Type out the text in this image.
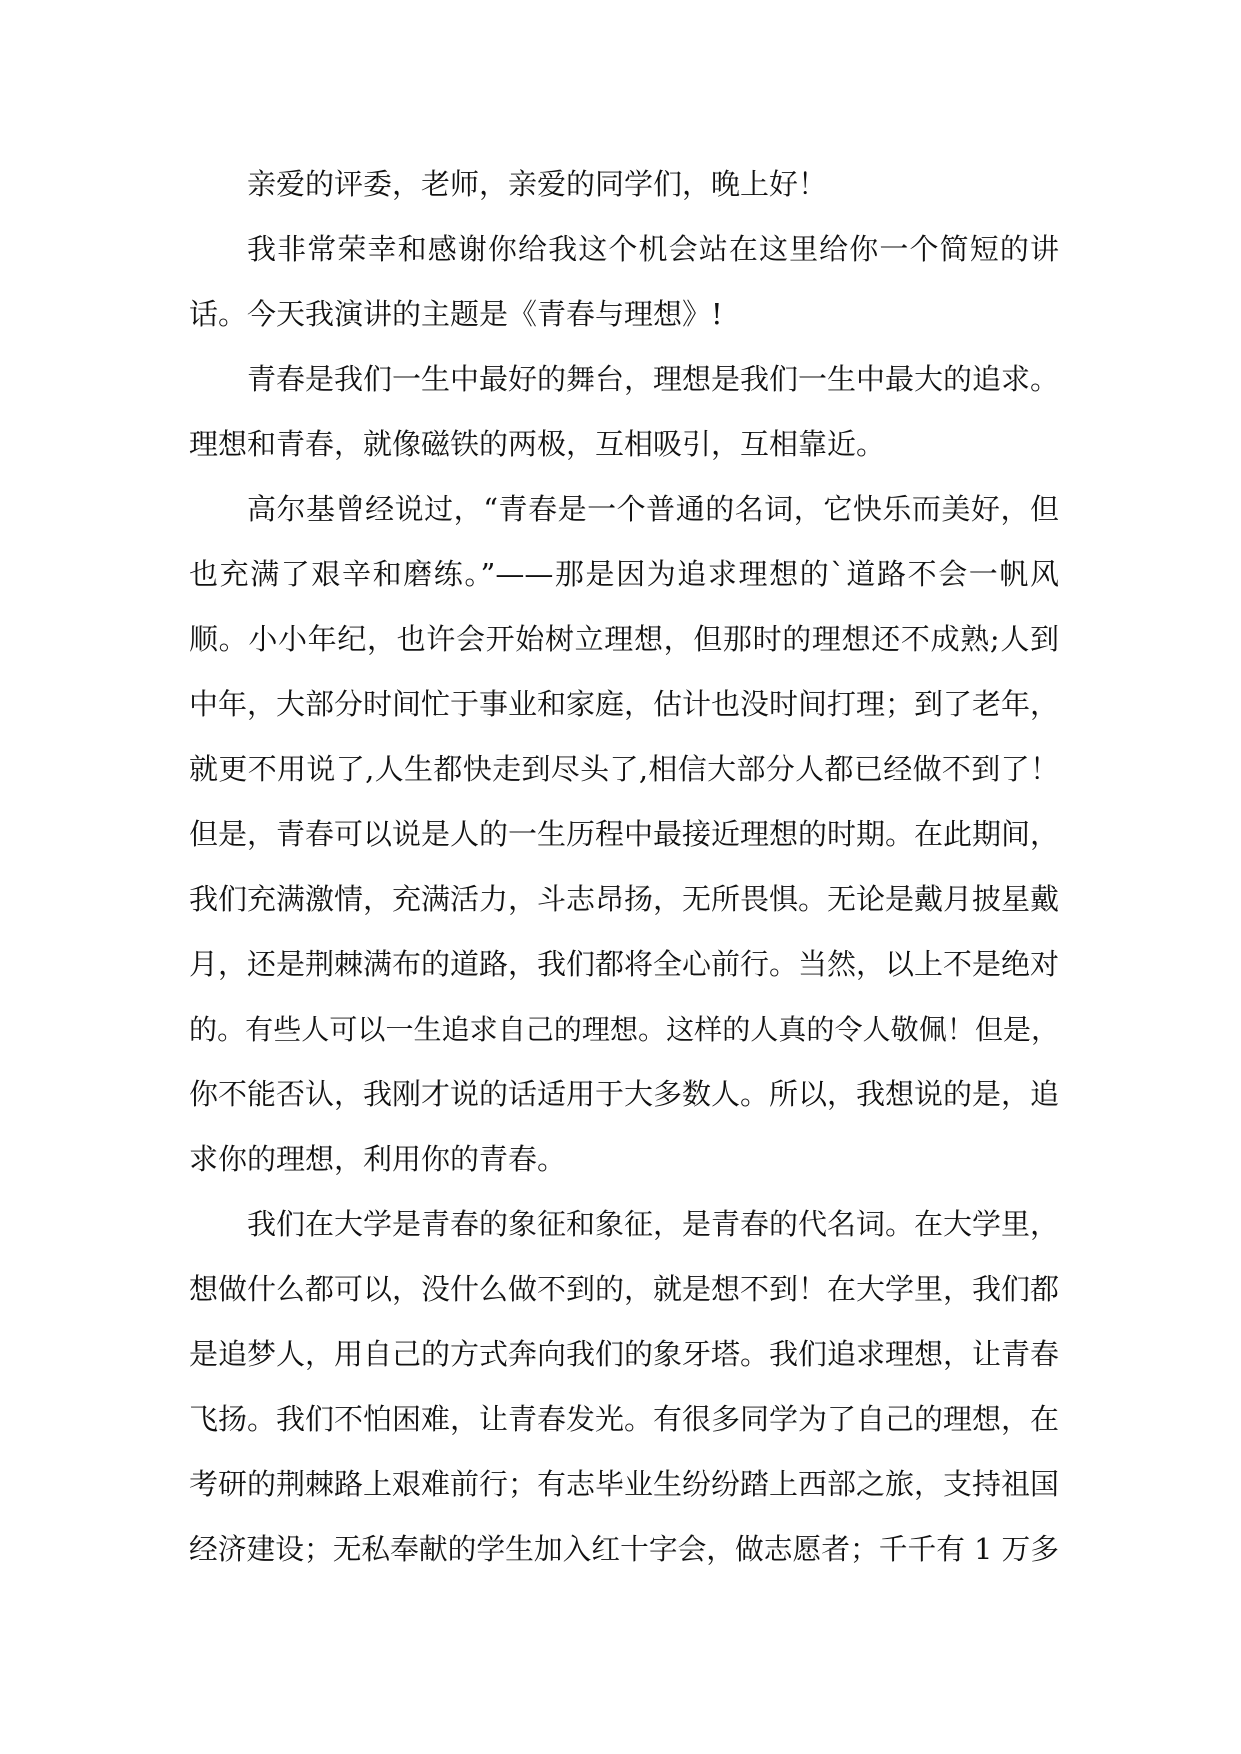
亲爱的评委，老师，亲爱的同学们，晚上好！
我非常荣幸和感谢你给我这个机会站在这里给你一个简短的讲
话。今天我演讲的主题是《青春与理想》!
青春是我们一生中最好的舞台，理想是我们一生中最大的追求。
理想和青春，就像磁铁的两极，互相吸引，互相靠近。
高尔基曾经说过，“青春是一个普通的名词，它快乐而美好，但
也充满了艰辛和磨练。”——那是因为追求理想的`道路不会一帆风
顺。小小年纪，也许会开始树立理想，但那时的理想还不成熟;人到
中年，大部分时间忙于事业和家庭，估计也没时间打理；到了老年，
就更不用说了,人生都快走到尽头了,相信大部分人都已经做不到了！
但是，青春可以说是人的一生历程中最接近理想的时期。在此期间，
我们充满激情，充满活力，斗志昂扬，无所畏惧。无论是戴月披星戴
月，还是荆棘满布的道路，我们都将全心前行。当然，以上不是绝对
的。有些人可以一生追求自己的理想。这样的人真的令人敬佩！但是，
你不能否认，我刚才说的话适用于大多数人。所以，我想说的是，追
求你的理想，利用你的青春。
我们在大学是青春的象征和象征，是青春的代名词。在大学里，
想做什么都可以，没什么做不到的，就是想不到！在大学里，我们都
是追梦人，用自己的方式奔向我们的象牙塔。我们追求理想，让青春
飞扬。我们不怕困难，让青春发光。有很多同学为了自己的理想，在
考研的荆棘路上艰难前行；有志毕业生纷纷踏上西部之旅，支持祖国
经济建设；无私奉献的学生加入红十字会，做志愿者；千千有 1 万多
